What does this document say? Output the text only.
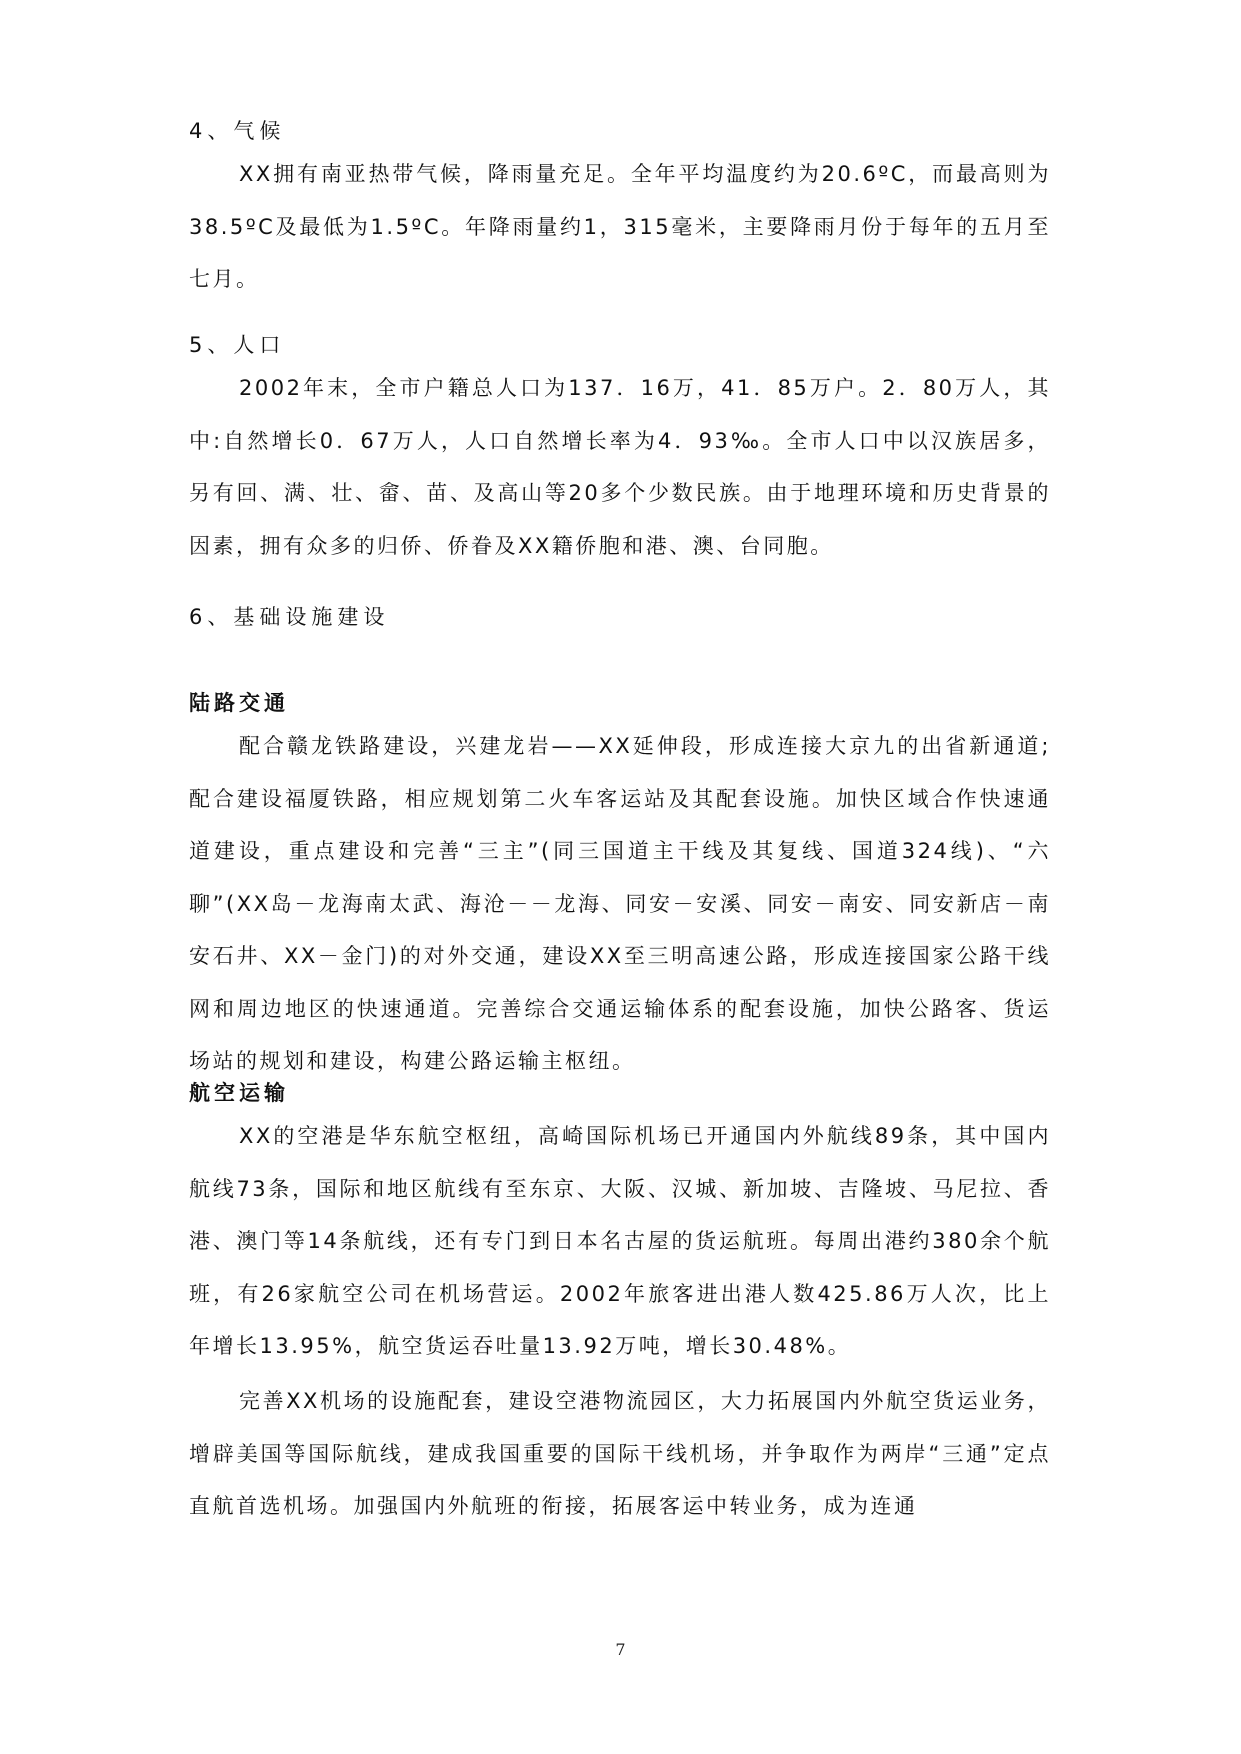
4、气候

XX拥有南亚热带气候，降雨量充足。全年平均温度约为20.6ºC，而最高则为38.5ºC及最低为1.5ºC。年降雨量约1，315毫米，主要降雨月份于每年的五月至七月。

5、人口

2002年末，全市户籍总人口为137．16万，41．85万户。2．80万人，其中:自然增长0．67万人，人口自然增长率为4．93‰。全市人口中以汉族居多，另有回、满、壮、畲、苗、及高山等20多个少数民族。由于地理环境和历史背景的因素，拥有众多的归侨、侨眷及XX籍侨胞和港、澳、台同胞。

6、基础设施建设
陆路交通

配合赣龙铁路建设，兴建龙岩——XX延伸段，形成连接大京九的出省新通道;配合建设福厦铁路，相应规划第二火车客运站及其配套设施。加快区域合作快速通道建设，重点建设和完善“三主”(同三国道主干线及其复线、国道324线)、“六聊”(XX岛－龙海南太武、海沧－－龙海、同安－安溪、同安－南安、同安新店－南安石井、XX－金门)的对外交通，建设XX至三明高速公路，形成连接国家公路干线网和周边地区的快速通道。完善综合交通运输体系的配套设施，加快公路客、货运场站的规划和建设，构建公路运输主枢纽。

航空运输

XX的空港是华东航空枢纽，高崎国际机场已开通国内外航线89条，其中国内航线73条，国际和地区航线有至东京、大阪、汉城、新加坡、吉隆坡、马尼拉、香港、澳门等14条航线，还有专门到日本名古屋的货运航班。每周出港约380余个航班，有26家航空公司在机场营运。2002年旅客进出港人数425.86万人次，比上年增长13.95%，航空货运吞吐量13.92万吨，增长30.48%。

完善XX机场的设施配套，建设空港物流园区，大力拓展国内外航空货运业务，增辟美国等国际航线，建成我国重要的国际干线机场，并争取作为两岸“三通”定点直航首选机场。加强国内外航班的衔接，拓展客运中转业务，成为连通

7
